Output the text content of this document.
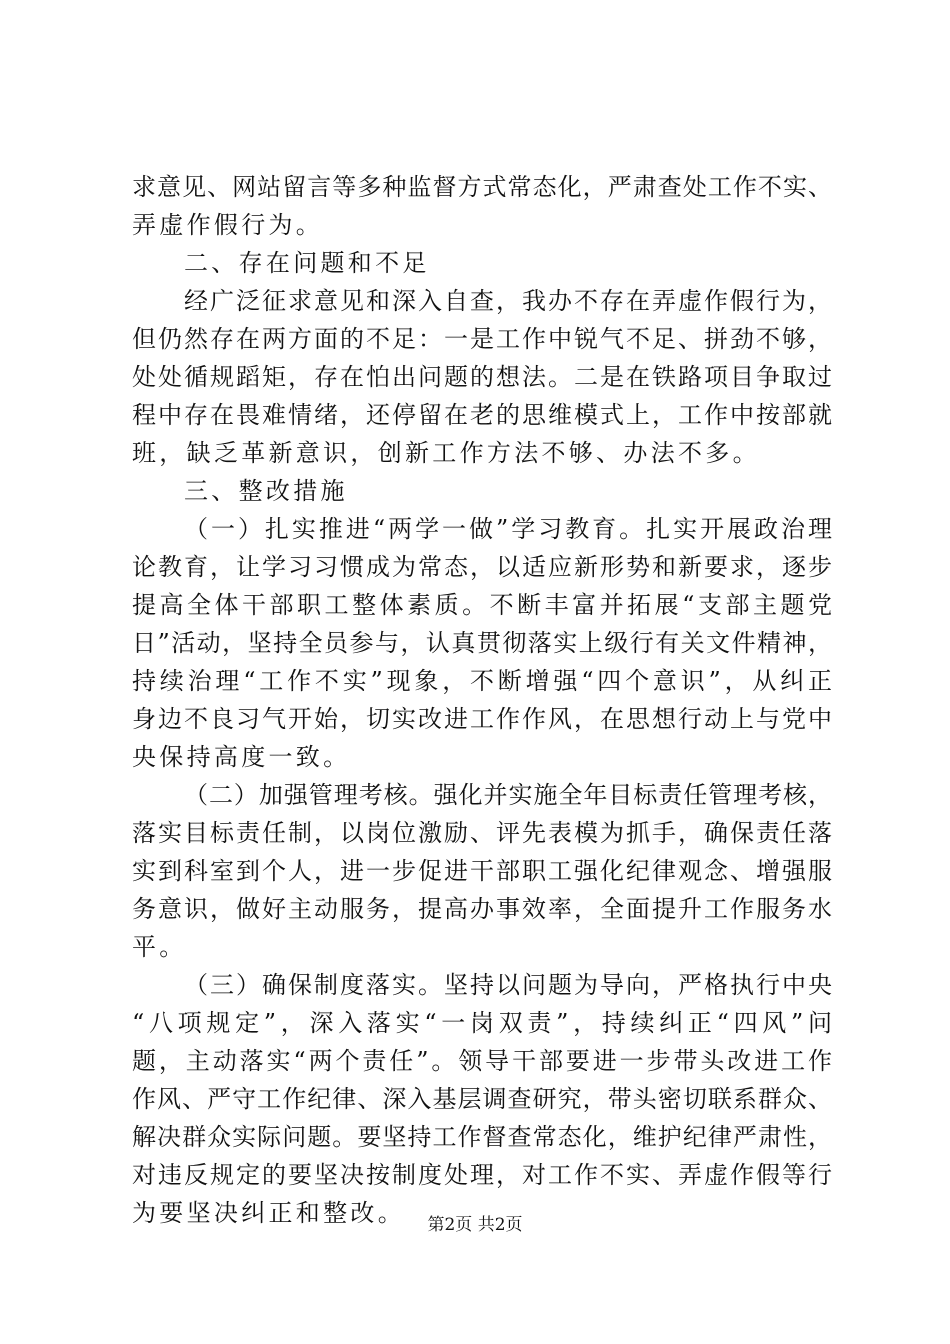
求意见、网站留言等多种监督方式常态化，严肃查处工作不实、
弄虚作假行为。
二、存在问题和不足
经广泛征求意见和深入自查，我办不存在弄虚作假行为，
但仍然存在两方面的不足：一是工作中锐气不足、拼劲不够，
处处循规蹈矩，存在怕出问题的想法。二是在铁路项目争取过
程中存在畏难情绪，还停留在老的思维模式上，工作中按部就
班，缺乏革新意识，创新工作方法不够、办法不多。
三、整改措施
（一）扎实推进“两学一做”学习教育。扎实开展政治理
论教育，让学习习惯成为常态，以适应新形势和新要求，逐步
提高全体干部职工整体素质。不断丰富并拓展“支部主题党
日”活动，坚持全员参与，认真贯彻落实上级行有关文件精神，
持续治理“工作不实”现象，不断增强“四个意识”，从纠正
身边不良习气开始，切实改进工作作风，在思想行动上与党中
央保持高度一致。
（二）加强管理考核。强化并实施全年目标责任管理考核，
落实目标责任制，以岗位激励、评先表模为抓手，确保责任落
实到科室到个人，进一步促进干部职工强化纪律观念、增强服
务意识，做好主动服务，提高办事效率，全面提升工作服务水
平。
（三）确保制度落实。坚持以问题为导向，严格执行中央
“八项规定”，深入落实“一岗双责”，持续纠正“四风”问
题，主动落实“两个责任”。领导干部要进一步带头改进工作
作风、严守工作纪律、深入基层调查研究，带头密切联系群众、
解决群众实际问题。要坚持工作督查常态化，维护纪律严肃性，
对违反规定的要坚决按制度处理，对工作不实、弄虚作假等行
为要坚决纠正和整改。	第2页 共2页
